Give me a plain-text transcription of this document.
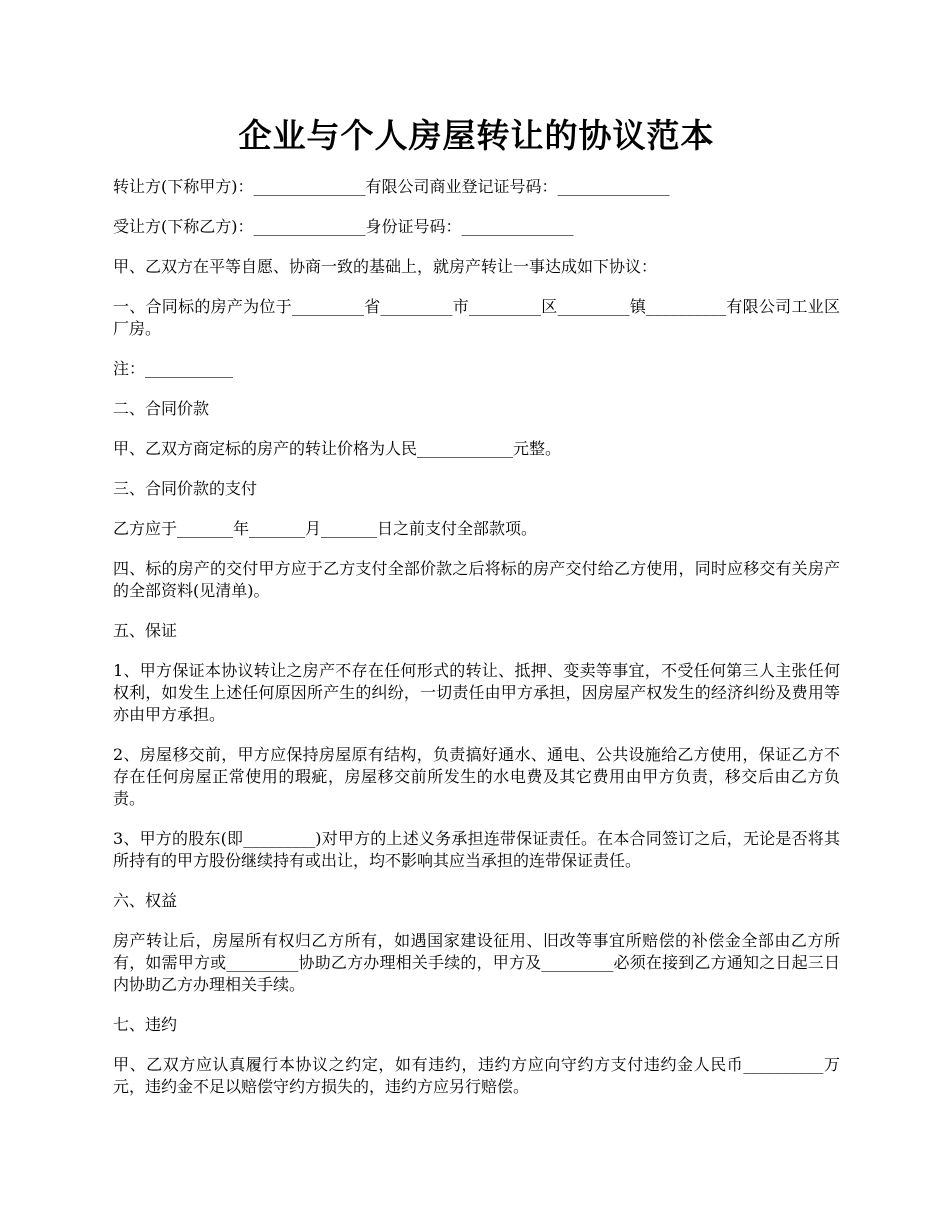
企业与个人房屋转让的协议范本

转让方(下称甲方)：______________有限公司商业登记证号码：______________

受让方(下称乙方)：______________身份证号码：______________

甲、乙双方在平等自愿、协商一致的基础上，就房产转让一事达成如下协议：

一、合同标的房产为位于_________省_________市_________区_________镇__________有限公司工业区厂房。

注：___________

二、合同价款

甲、乙双方商定标的房产的转让价格为人民____________元整。

三、合同价款的支付

乙方应于_______年_______月_______日之前支付全部款项。

四、标的房产的交付甲方应于乙方支付全部价款之后将标的房产交付给乙方使用，同时应移交有关房产的全部资料(见清单)。

五、保证

1、甲方保证本协议转让之房产不存在任何形式的转让、抵押、变卖等事宜，不受任何第三人主张任何权利，如发生上述任何原因所产生的纠纷，一切责任由甲方承担，因房屋产权发生的经济纠纷及费用等亦由甲方承担。

2、房屋移交前，甲方应保持房屋原有结构，负责搞好通水、通电、公共设施给乙方使用，保证乙方不存在任何房屋正常使用的瑕疵，房屋移交前所发生的水电费及其它费用由甲方负责，移交后由乙方负责。

3、甲方的股东(即_________)对甲方的上述义务承担连带保证责任。在本合同签订之后，无论是否将其所持有的甲方股份继续持有或出让，均不影响其应当承担的连带保证责任。

六、权益

房产转让后，房屋所有权归乙方所有，如遇国家建设征用、旧改等事宜所赔偿的补偿金全部由乙方所有，如需甲方或_________协助乙方办理相关手续的，甲方及_________必须在接到乙方通知之日起三日内协助乙方办理相关手续。

七、违约

甲、乙双方应认真履行本协议之约定，如有违约，违约方应向守约方支付违约金人民币__________万元，违约金不足以赔偿守约方损失的，违约方应另行赔偿。
